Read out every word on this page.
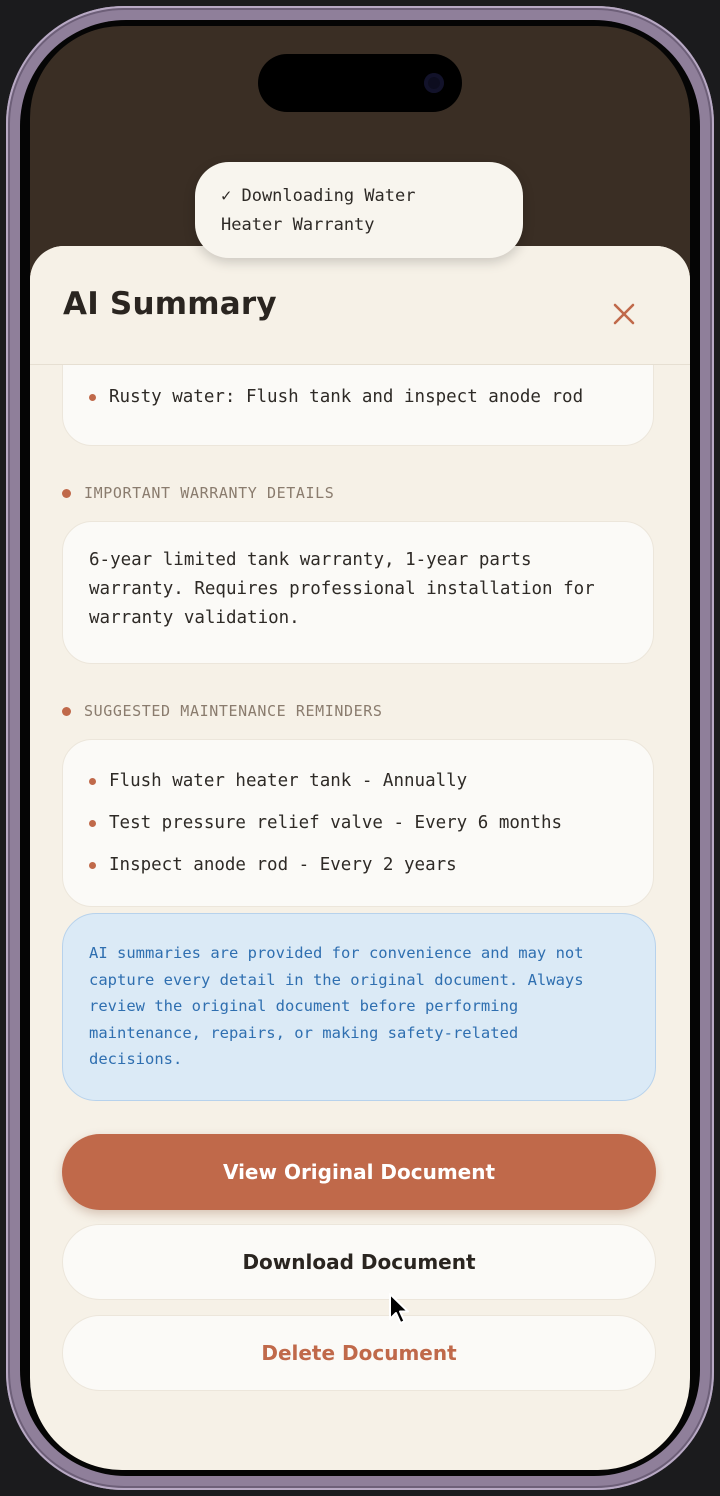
✓ Downloading Water
Heater Warranty
Rusty water: Flush tank and inspect anode rod
IMPORTANT WARRANTY DETAILS
6-year limited tank warranty, 1-year parts
warranty. Requires professional installation for
warranty validation.
SUGGESTED MAINTENANCE REMINDERS
Flush water heater tank - Annually
Test pressure relief valve - Every 6 months
Inspect anode rod - Every 2 years
AI summaries are provided for convenience and may not
capture every detail in the original document. Always
review the original document before performing
maintenance, repairs, or making safety-related
decisions.
View Original Document
Download Document
Delete Document
AI Summary
